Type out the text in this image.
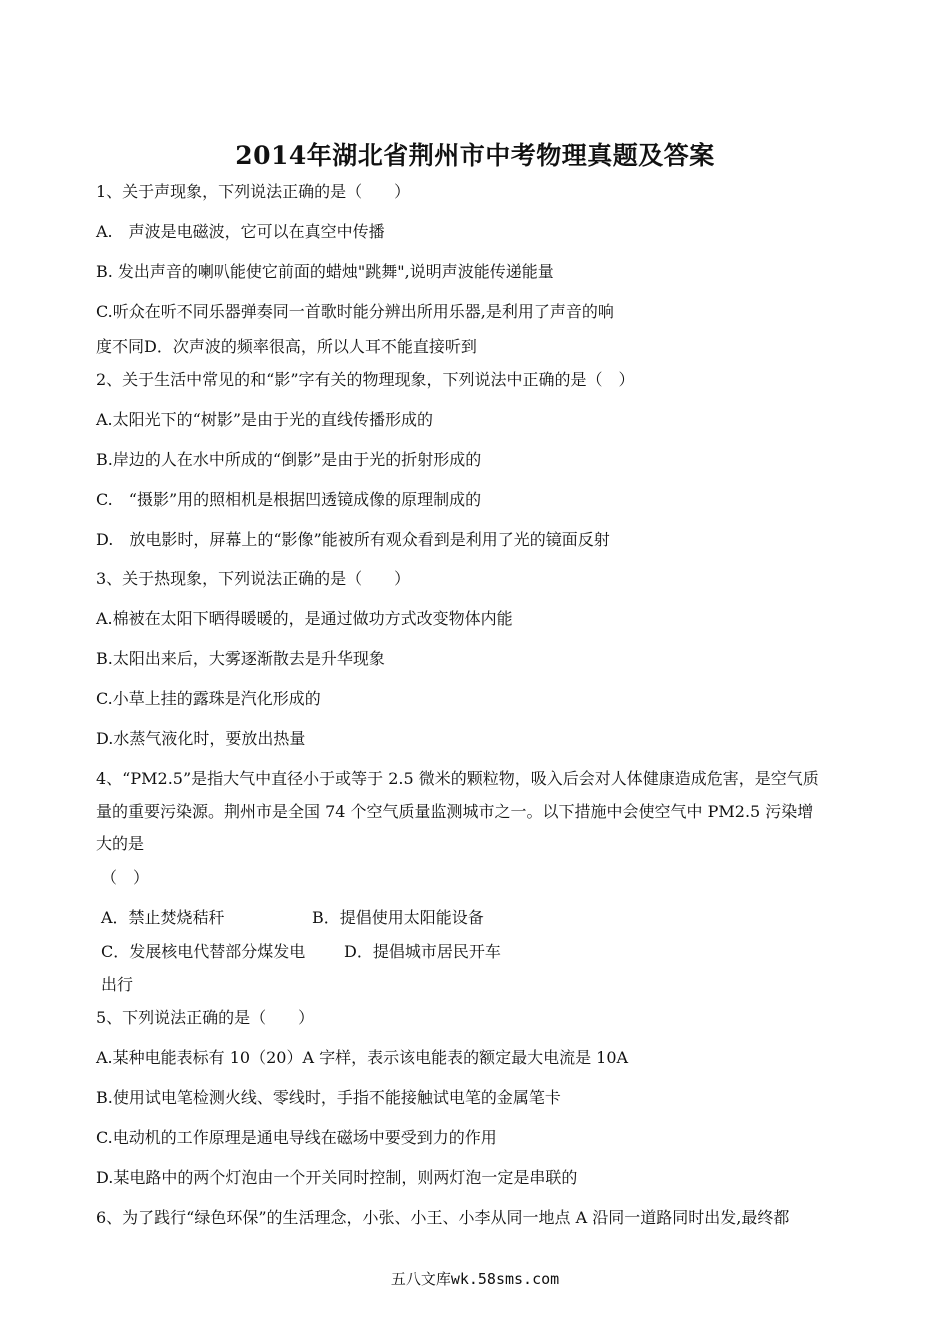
2014年湖北省荆州市中考物理真题及答案
1、关于声现象，下列说法正确的是（　　）
A.　声波是电磁波，它可以在真空中传播
B. 发出声音的喇叭能使它前面的蜡烛"跳舞",说明声波能传递能量
C.听众在听不同乐器弹奏同一首歌时能分辨出所用乐器,是利用了声音的响
度不同D．次声波的频率很高，所以人耳不能直接听到
2、关于生活中常见的和“影”字有关的物理现象，下列说法中正确的是（　）
A.太阳光下的“树影”是由于光的直线传播形成的
B.岸边的人在水中所成的“倒影”是由于光的折射形成的
C.　“摄影”用的照相机是根据凹透镜成像的原理制成的
D.　放电影时，屏幕上的“影像”能被所有观众看到是利用了光的镜面反射
3、关于热现象，下列说法正确的是（　　）
A.棉被在太阳下晒得暖暖的，是通过做功方式改变物体内能
B.太阳出来后，大雾逐渐散去是升华现象
C.小草上挂的露珠是汽化形成的
D.水蒸气液化时，要放出热量
4、“PM2.5”是指大气中直径小于或等于 2.5 微米的颗粒物，吸入后会对人体健康造成危害，是空气质
量的重要污染源。荆州市是全国 74 个空气质量监测城市之一。以下措施中会使空气中 PM2.5 污染增
大的是
（　）
A．禁止焚烧秸秆	B．提倡使用太阳能设备
C．发展核电代替部分煤发电 D．提倡城市居民开车
出行
5、下列说法正确的是（　　）
A.某种电能表标有 10（20）A 字样，表示该电能表的额定最大电流是 10A
B.使用试电笔检测火线、零线时，手指不能接触试电笔的金属笔卡
C.电动机的工作原理是通电导线在磁场中要受到力的作用
D.某电路中的两个灯泡由一个开关同时控制，则两灯泡一定是串联的
6、为了践行“绿色环保”的生活理念，小张、小王、小李从同一地点 A 沿同一道路同时出发,最终都
五八文库wk.58sms.com
